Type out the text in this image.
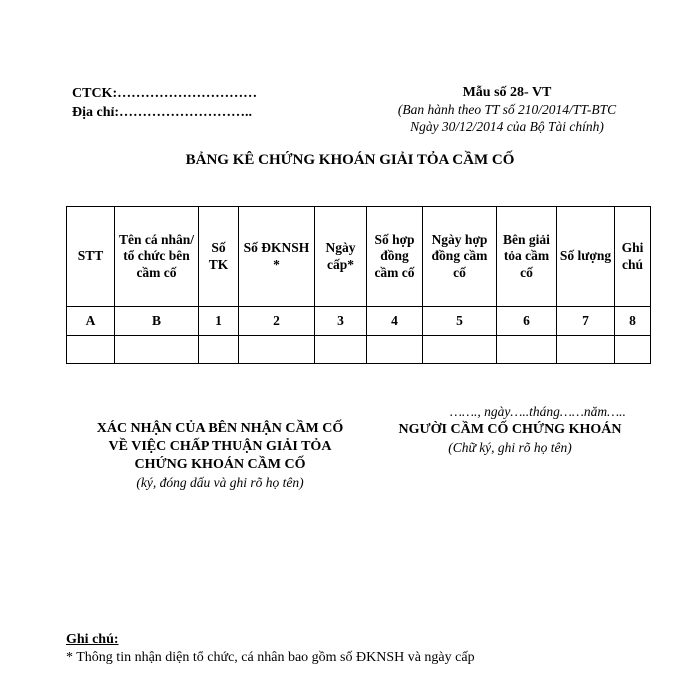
CTCK:…………………………
Địa chỉ:………………………..
Mẫu số 28- VT
(Ban hành theo TT số 210/2014/TT-BTC
Ngày 30/12/2014 của Bộ Tài chính)
BẢNG KÊ CHỨNG KHOÁN GIẢI TỎA CẦM CỐ
STT	Tên cá nhân/ tổ chức bên cầm cố	Số TK	Số ĐKNSH*	Ngày cấp*	Số hợp đồng cầm cố	Ngày hợp đồng cầm cố	Bên giải tỏa cầm cố	Số lượng	Ghi chú
A	B	1	2	3	4	5	6	7	8

XÁC NHẬN CỦA BÊN NHẬN CẦM CỐ
VỀ VIỆC CHẤP THUẬN GIẢI TỎA
CHỨNG KHOÁN CẦM CỐ
(ký, đóng dấu và ghi rõ họ tên)
……., ngày…..tháng……năm…..
NGƯỜI CẦM CỐ CHỨNG KHOÁN
(Chữ ký, ghi rõ họ tên)
Ghi chú:
* Thông tin nhận diện tổ chức, cá nhân bao gồm số ĐKNSH và ngày cấp
